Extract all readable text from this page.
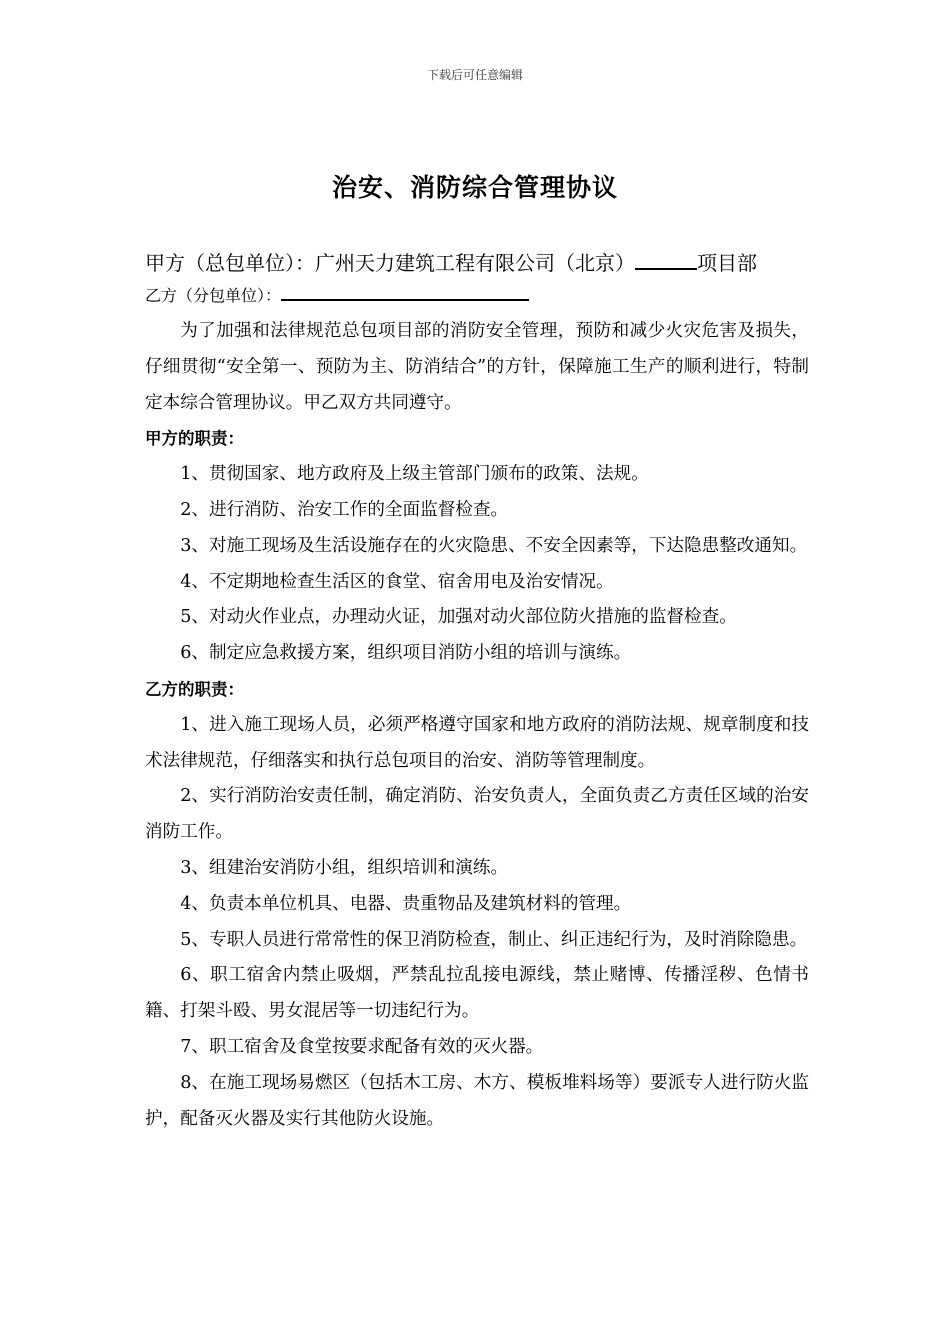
下载后可任意编辑
治安、消防综合管理协议
甲方（总包单位）：广州天力建筑工程有限公司（北京）	项目部
乙方（分包单位）：

为了加强和法律规范总包项目部的消防安全管理，预防和减少火灾危害及损失，仔细贯彻“安全第一、预防为主、防消结合”的方针，保障施工生产的顺利进行，特制定本综合管理协议。甲乙双方共同遵守。

甲方的职责：

1、贯彻国家、地方政府及上级主管部门颁布的政策、法规。

2、进行消防、治安工作的全面监督检查。

3、对施工现场及生活设施存在的火灾隐患、不安全因素等，下达隐患整改通知。

4、不定期地检查生活区的食堂、宿舍用电及治安情况。

5、对动火作业点，办理动火证，加强对动火部位防火措施的监督检查。

6、制定应急救援方案，组织项目消防小组的培训与演练。

乙方的职责：

1、进入施工现场人员，必须严格遵守国家和地方政府的消防法规、规章制度和技术法律规范，仔细落实和执行总包项目的治安、消防等管理制度。

2、实行消防治安责任制，确定消防、治安负责人，全面负责乙方责任区域的治安消防工作。

3、组建治安消防小组，组织培训和演练。

4、负责本单位机具、电器、贵重物品及建筑材料的管理。

5、专职人员进行常常性的保卫消防检查，制止、纠正违纪行为，及时消除隐患。

6、职工宿舍内禁止吸烟，严禁乱拉乱接电源线，禁止赌博、传播淫秽、色情书籍、打架斗殴、男女混居等一切违纪行为。

7、职工宿舍及食堂按要求配备有效的灭火器。

8、在施工现场易燃区（包括木工房、木方、模板堆料场等）要派专人进行防火监护，配备灭火器及实行其他防火设施。
